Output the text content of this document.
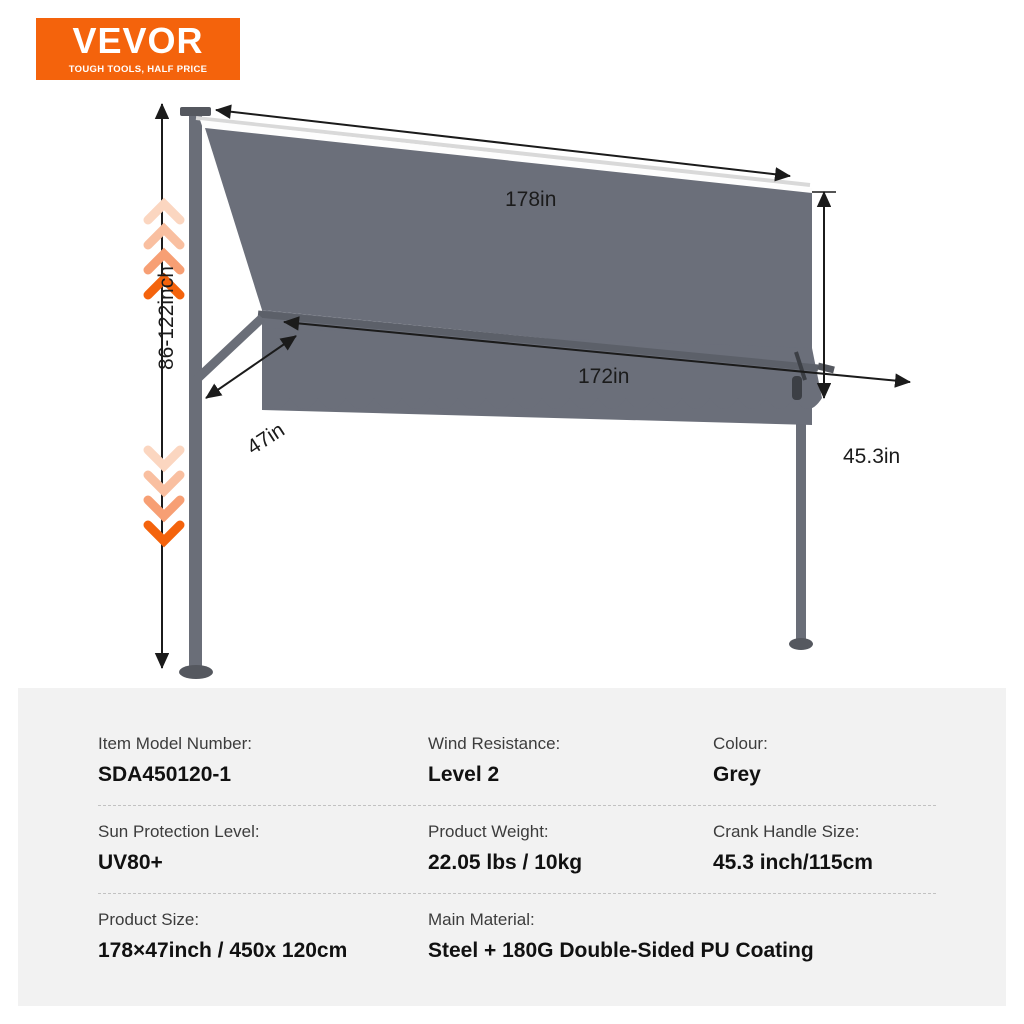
VEVOR
TOUGH TOOLS, HALF PRICE
178in
172in
45.3in
47in
86-122inch
Item Model Number:
SDA450120-1
Wind Resistance:
Level 2
Colour:
Grey
Sun Protection Level:
UV80+
Product Weight:
22.05 lbs / 10kg
Crank Handle Size:
45.3 inch/115cm
Product Size:
178×47inch / 450x 120cm
Main Material:
Steel + 180G Double-Sided PU Coating
